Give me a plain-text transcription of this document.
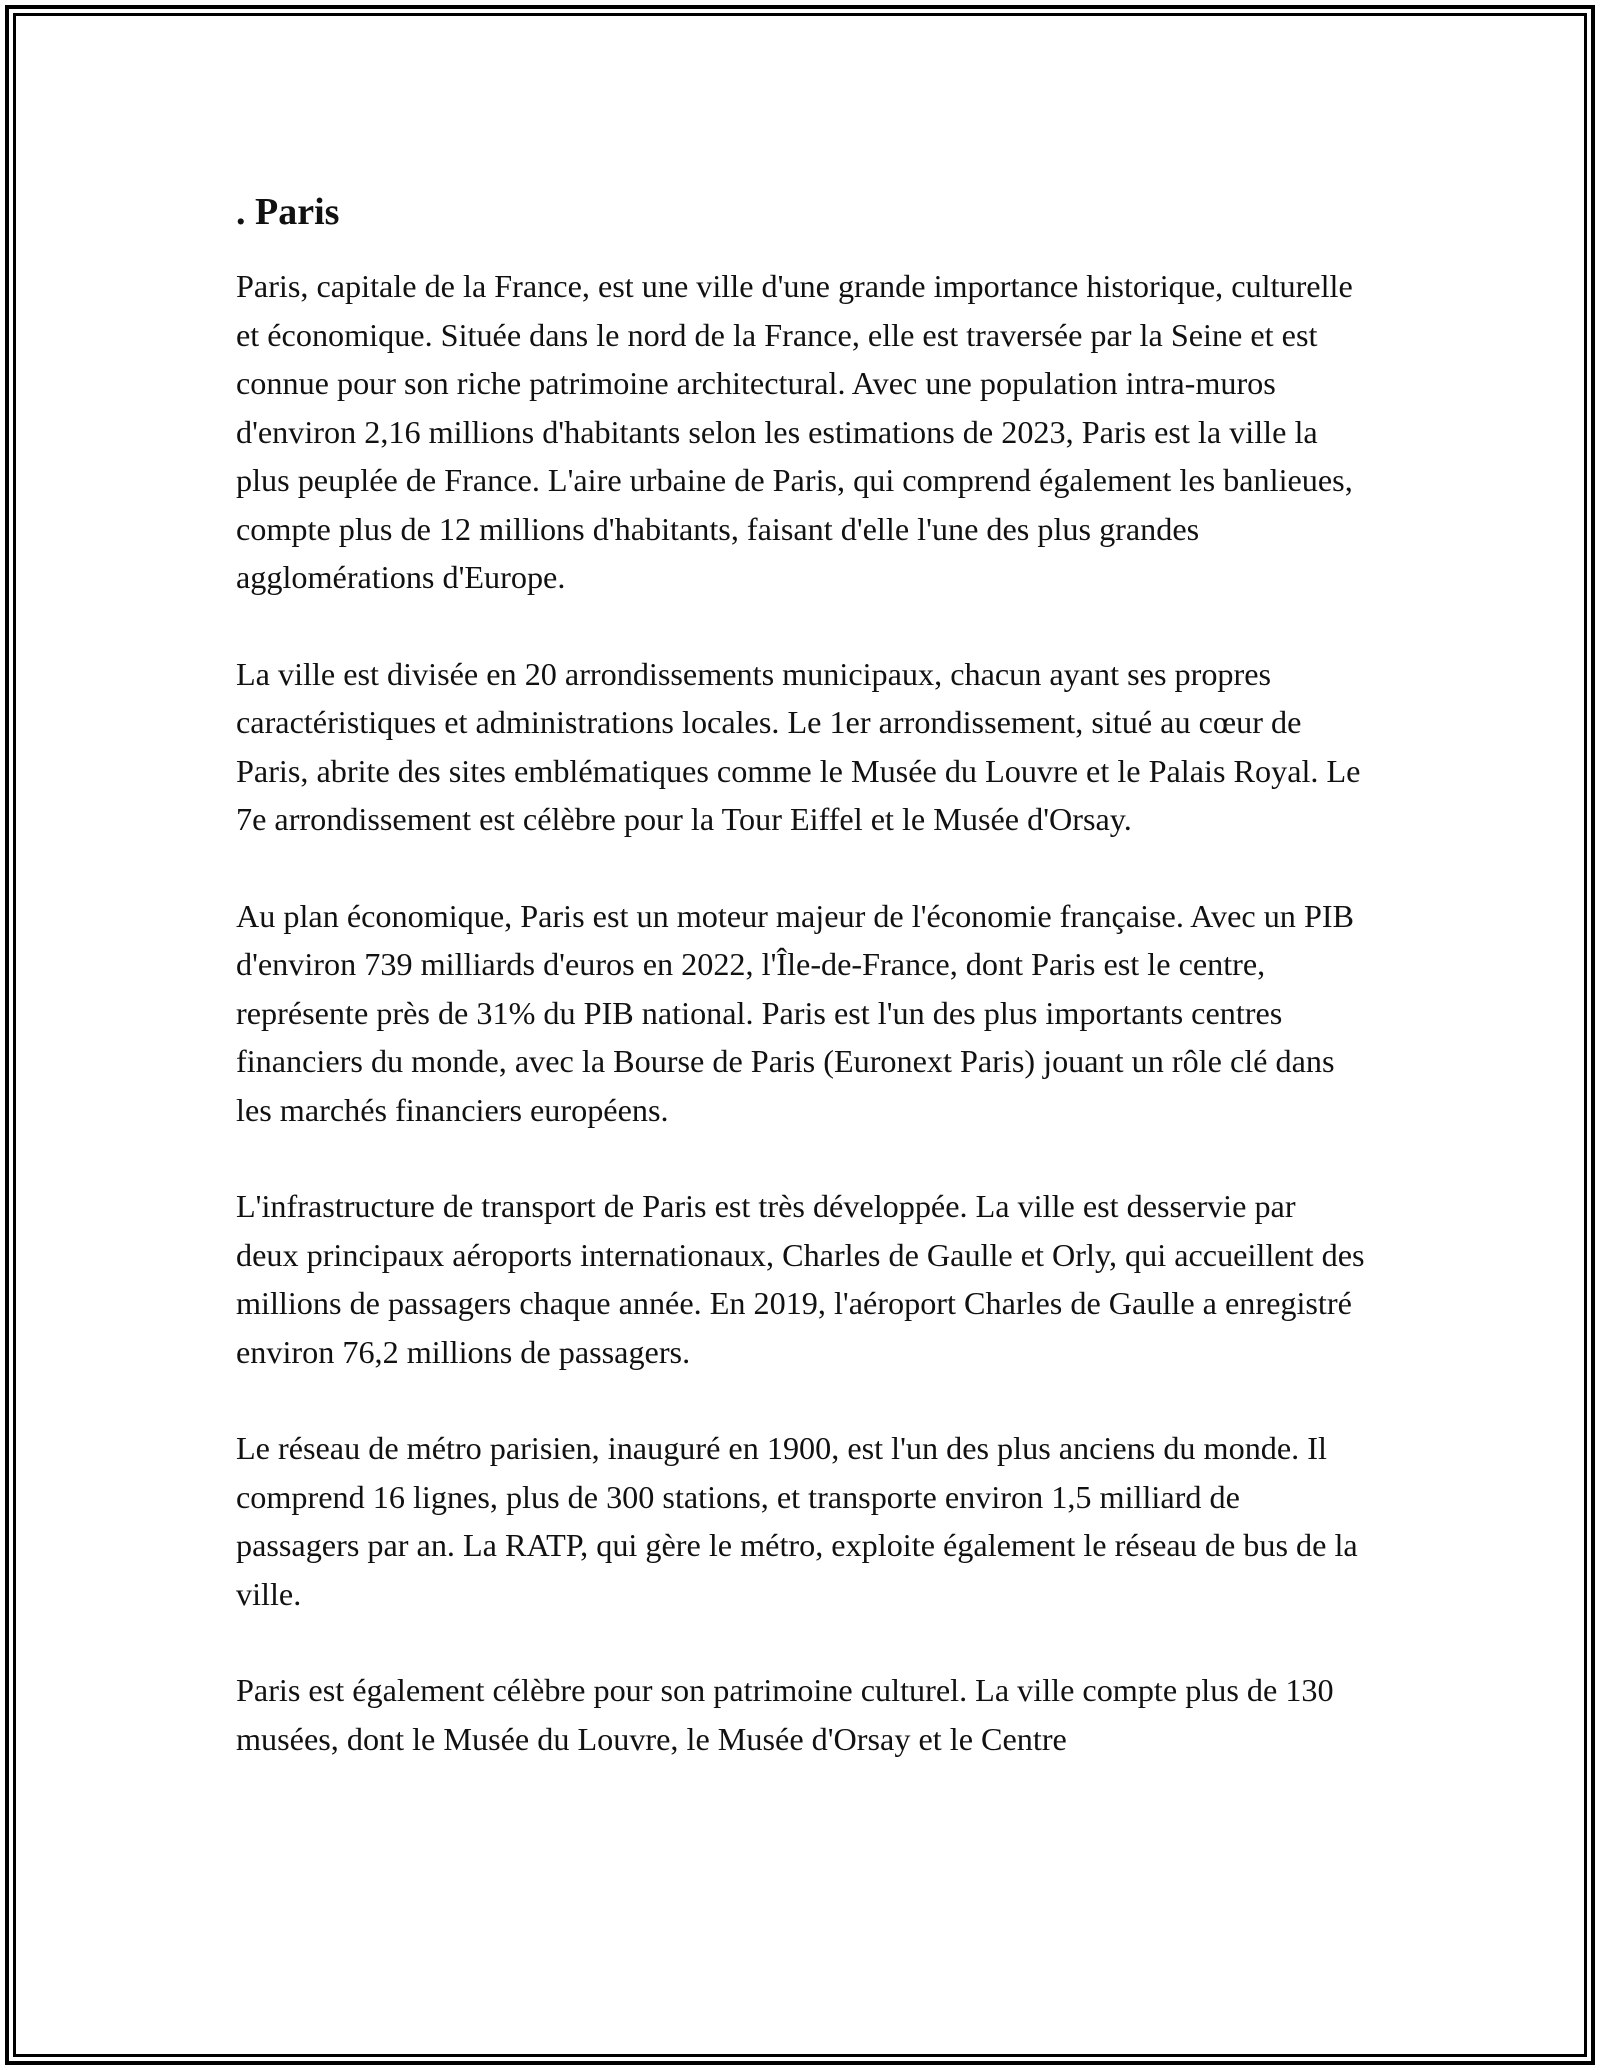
. Paris

Paris, capitale de la France, est une ville d'une grande importance historique, culturelle et économique. Située dans le nord de la France, elle est traversée par la Seine et est connue pour son riche patrimoine architectural. Avec une population intra-muros d'environ 2,16 millions d'habitants selon les estimations de 2023, Paris est la ville la plus peuplée de France. L'aire urbaine de Paris, qui comprend également les banlieues, compte plus de 12 millions d'habitants, faisant d'elle l'une des plus grandes agglomérations d'Europe.

La ville est divisée en 20 arrondissements municipaux, chacun ayant ses propres caractéristiques et administrations locales. Le 1er arrondissement, situé au cœur de Paris, abrite des sites emblématiques comme le Musée du Louvre et le Palais Royal. Le 7e arrondissement est célèbre pour la Tour Eiffel et le Musée d'Orsay.

Au plan économique, Paris est un moteur majeur de l'économie française. Avec un PIB d'environ 739 milliards d'euros en 2022, l'Île-de-France, dont Paris est le centre, représente près de 31% du PIB national. Paris est l'un des plus importants centres financiers du monde, avec la Bourse de Paris (Euronext Paris) jouant un rôle clé dans les marchés financiers européens.

L'infrastructure de transport de Paris est très développée. La ville est desservie par deux principaux aéroports internationaux, Charles de Gaulle et Orly, qui accueillent des millions de passagers chaque année. En 2019, l'aéroport Charles de Gaulle a enregistré environ 76,2 millions de passagers.

Le réseau de métro parisien, inauguré en 1900, est l'un des plus anciens du monde. Il comprend 16 lignes, plus de 300 stations, et transporte environ 1,5 milliard de passagers par an. La RATP, qui gère le métro, exploite également le réseau de bus de la ville.

Paris est également célèbre pour son patrimoine culturel. La ville compte plus de 130 musées, dont le Musée du Louvre, le Musée d'Orsay et le Centre
